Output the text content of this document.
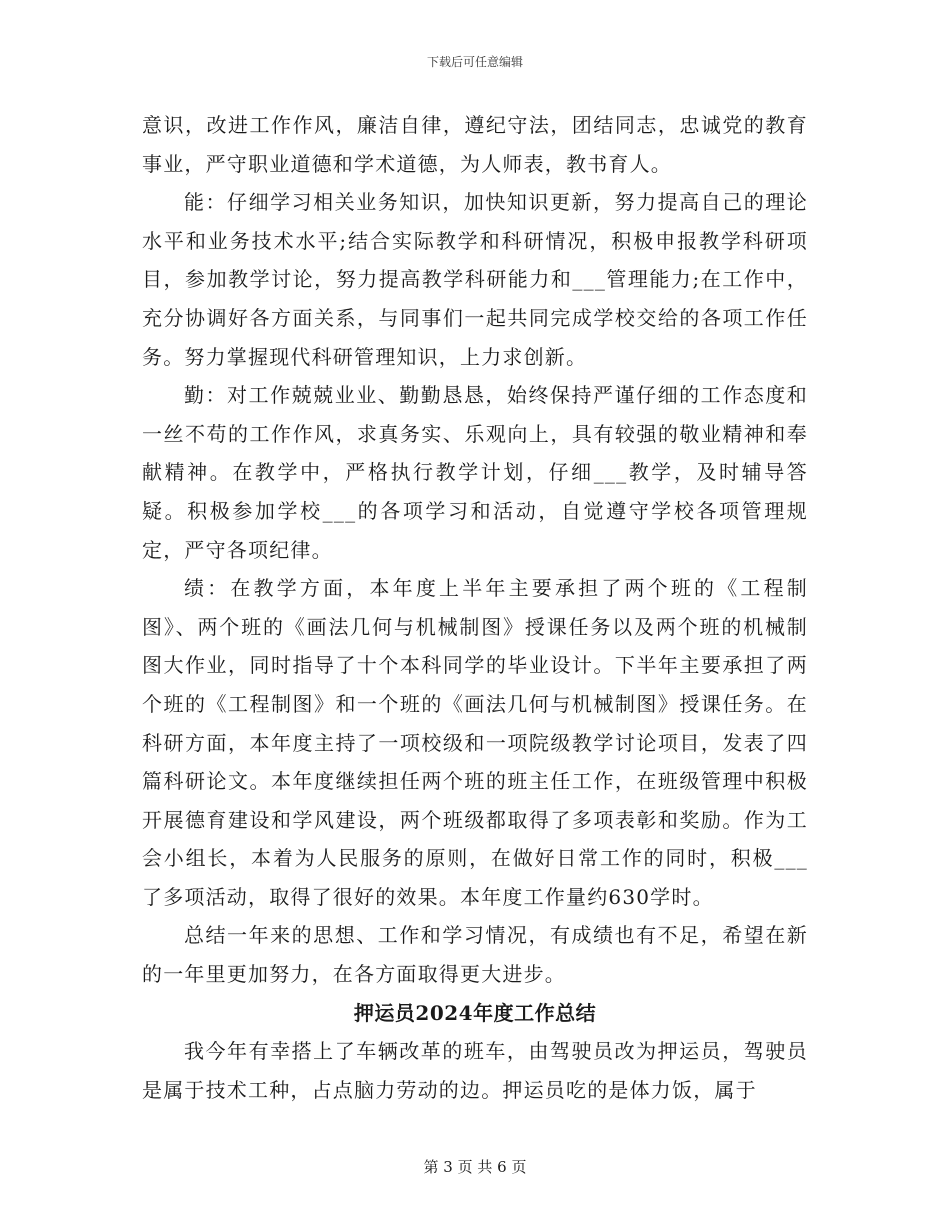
下载后可任意编辑

意识，改进工作作风，廉洁自律，遵纪守法，团结同志，忠诚党的教育事业，严守职业道德和学术道德，为人师表，教书育人。

能：仔细学习相关业务知识，加快知识更新，努力提高自己的理论水平和业务技术水平;结合实际教学和科研情况，积极申报教学科研项目，参加教学讨论，努力提高教学科研能力和___管理能力;在工作中，充分协调好各方面关系，与同事们一起共同完成学校交给的各项工作任务。努力掌握现代科研管理知识，上力求创新。

勤：对工作兢兢业业、勤勤恳恳，始终保持严谨仔细的工作态度和一丝不苟的工作作风，求真务实、乐观向上，具有较强的敬业精神和奉献精神。在教学中，严格执行教学计划，仔细___教学，及时辅导答疑。积极参加学校___的各项学习和活动，自觉遵守学校各项管理规定，严守各项纪律。

绩：在教学方面，本年度上半年主要承担了两个班的《工程制图》、两个班的《画法几何与机械制图》授课任务以及两个班的机械制图大作业，同时指导了十个本科同学的毕业设计。下半年主要承担了两个班的《工程制图》和一个班的《画法几何与机械制图》授课任务。在科研方面，本年度主持了一项校级和一项院级教学讨论项目，发表了四篇科研论文。本年度继续担任两个班的班主任工作，在班级管理中积极开展德育建设和学风建设，两个班级都取得了多项表彰和奖励。作为工会小组长，本着为人民服务的原则，在做好日常工作的同时，积极___了多项活动，取得了很好的效果。本年度工作量约630学时。

总结一年来的思想、工作和学习情况，有成绩也有不足，希望在新的一年里更加努力，在各方面取得更大进步。

押运员2024年度工作总结

我今年有幸搭上了车辆改革的班车，由驾驶员改为押运员，驾驶员是属于技术工种，占点脑力劳动的边。押运员吃的是体力饭，属于

第 3 页 共 6 页
